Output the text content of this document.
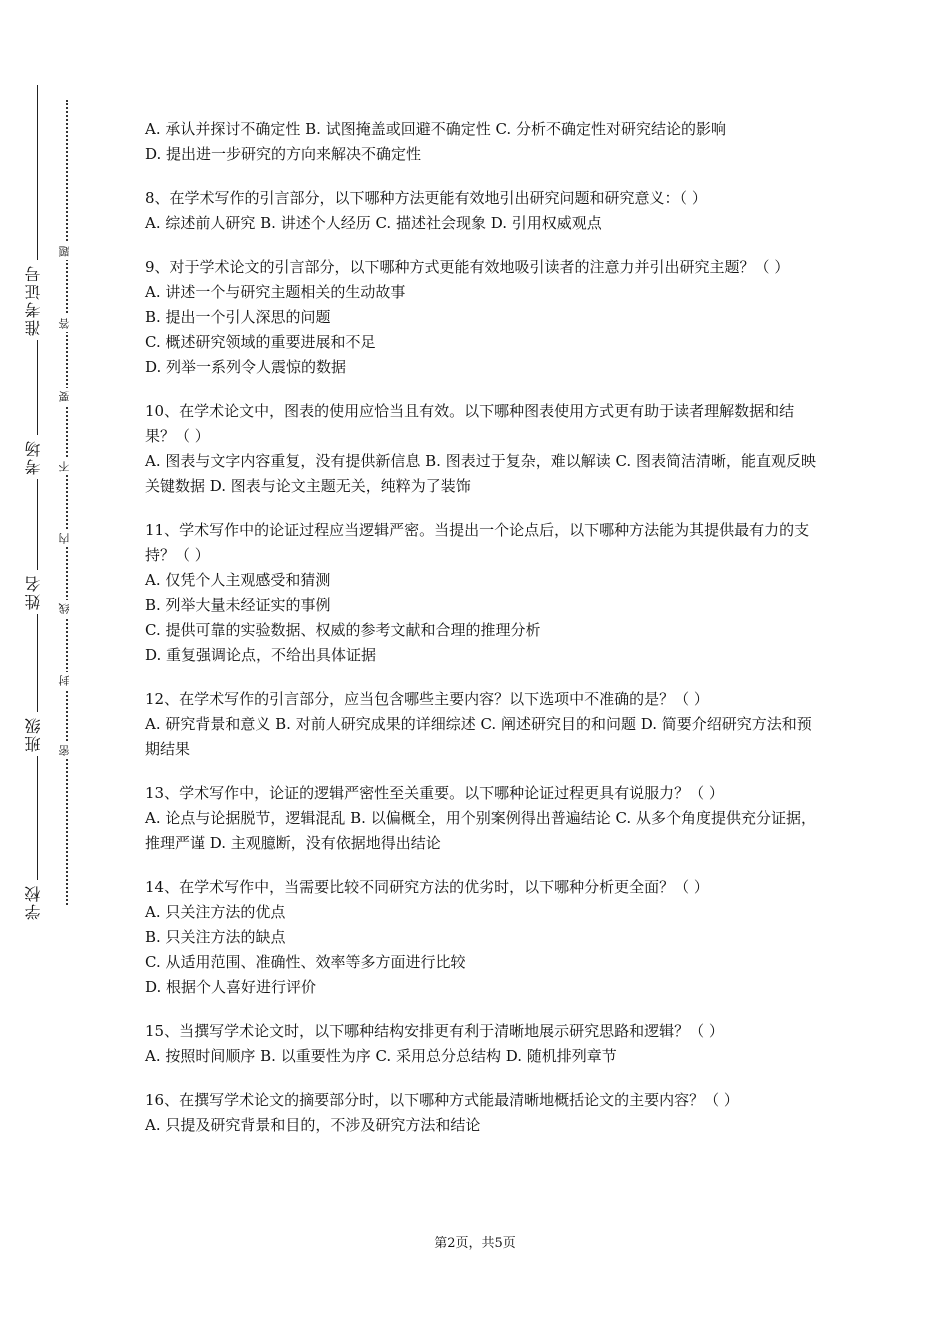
准考证号
考场
姓名
班级
学校
题
答
要
不
内
线
封
密

A. 承认并探讨不确定性 B. 试图掩盖或回避不确定性 C. 分析不确定性对研究结论的影响

D. 提出进一步研究的方向来解决不确定性

8、在学术写作的引言部分，以下哪种方法更能有效地引出研究问题和研究意义：（ ）

A. 综述前人研究 B. 讲述个人经历 C. 描述社会现象 D. 引用权威观点

9、对于学术论文的引言部分，以下哪种方式更能有效地吸引读者的注意力并引出研究主题？（ ）

A. 讲述一个与研究主题相关的生动故事

B. 提出一个引人深思的问题

C. 概述研究领域的重要进展和不足

D. 列举一系列令人震惊的数据

10、在学术论文中，图表的使用应恰当且有效。以下哪种图表使用方式更有助于读者理解数据和结果？（ ）

A. 图表与文字内容重复，没有提供新信息 B. 图表过于复杂，难以解读 C. 图表简洁清晰，能直观反映关键数据 D. 图表与论文主题无关，纯粹为了装饰

11、学术写作中的论证过程应当逻辑严密。当提出一个论点后，以下哪种方法能为其提供最有力的支持？（ ）

A. 仅凭个人主观感受和猜测

B. 列举大量未经证实的事例

C. 提供可靠的实验数据、权威的参考文献和合理的推理分析

D. 重复强调论点，不给出具体证据

12、在学术写作的引言部分，应当包含哪些主要内容？以下选项中不准确的是？（ ）

A. 研究背景和意义 B. 对前人研究成果的详细综述 C. 阐述研究目的和问题 D. 简要介绍研究方法和预期结果

13、学术写作中，论证的逻辑严密性至关重要。以下哪种论证过程更具有说服力？（ ）

A. 论点与论据脱节，逻辑混乱 B. 以偏概全，用个别案例得出普遍结论 C. 从多个角度提供充分证据，推理严谨 D. 主观臆断，没有依据地得出结论

14、在学术写作中，当需要比较不同研究方法的优劣时，以下哪种分析更全面？（ ）

A. 只关注方法的优点

B. 只关注方法的缺点

C. 从适用范围、准确性、效率等多方面进行比较

D. 根据个人喜好进行评价

15、当撰写学术论文时，以下哪种结构安排更有利于清晰地展示研究思路和逻辑？（ ）

A. 按照时间顺序 B. 以重要性为序 C. 采用总分总结构 D. 随机排列章节

16、在撰写学术论文的摘要部分时，以下哪种方式能最清晰地概括论文的主要内容？（ ）

A. 只提及研究背景和目的，不涉及研究方法和结论

第2页，共5页
